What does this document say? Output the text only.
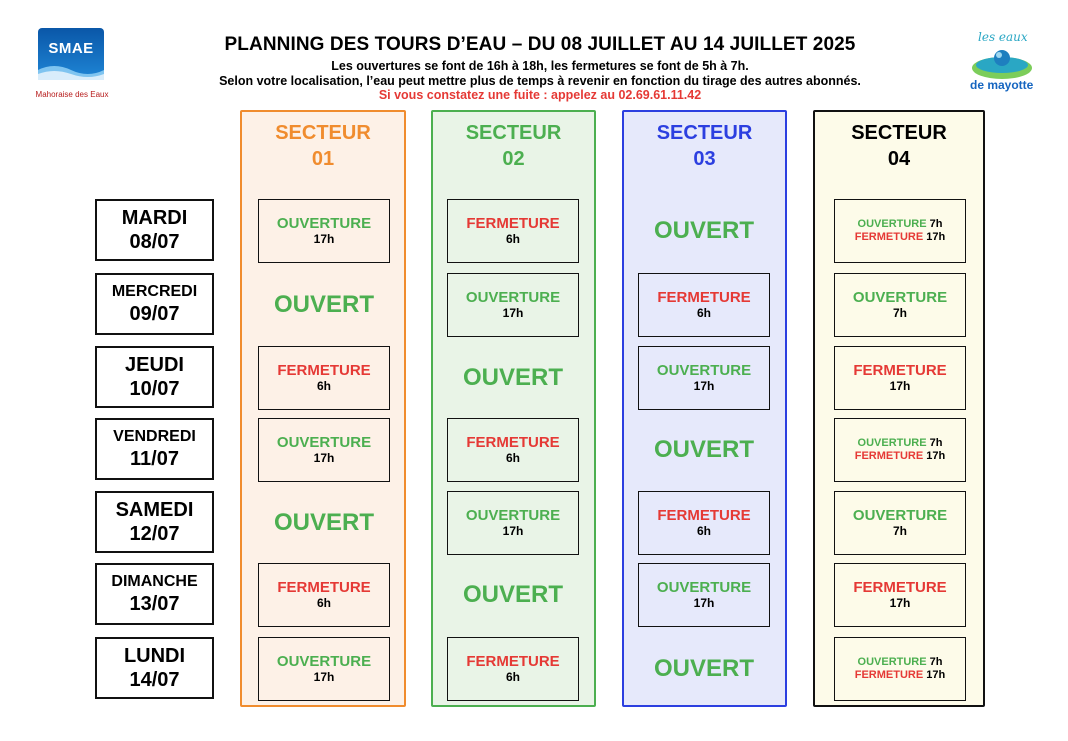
SMAE
Mahoraise des Eaux
les eaux
de mayotte
PLANNING DES TOURS D’EAU – DU 08 JUILLET AU 14 JUILLET 2025
Les ouvertures se font de 16h à 18h, les fermetures se font de 5h à 7h.
Selon votre localisation, l’eau peut mettre plus de temps à revenir en fonction du tirage des autres abonnés.
Si vous constatez une fuite : appelez au 02.69.61.11.42
SECTEUR
01
SECTEUR
02
SECTEUR
03
SECTEUR
04
MARDI
08/07
MERCREDI
09/07
JEUDI
10/07
VENDREDI
11/07
SAMEDI
12/07
DIMANCHE
13/07
LUNDI
14/07
OUVERTURE
17h
OUVERT
FERMETURE
6h
OUVERTURE
17h
OUVERT
FERMETURE
6h
OUVERTURE
17h
FERMETURE
6h
OUVERTURE
17h
OUVERT
FERMETURE
6h
OUVERTURE
17h
OUVERT
FERMETURE
6h
OUVERT
FERMETURE
6h
OUVERTURE
17h
OUVERT
FERMETURE
6h
OUVERTURE
17h
OUVERT
OUVERTURE 7h
FERMETURE 17h
OUVERTURE
7h
FERMETURE
17h
OUVERTURE 7h
FERMETURE 17h
OUVERTURE
7h
FERMETURE
17h
OUVERTURE 7h
FERMETURE 17h
